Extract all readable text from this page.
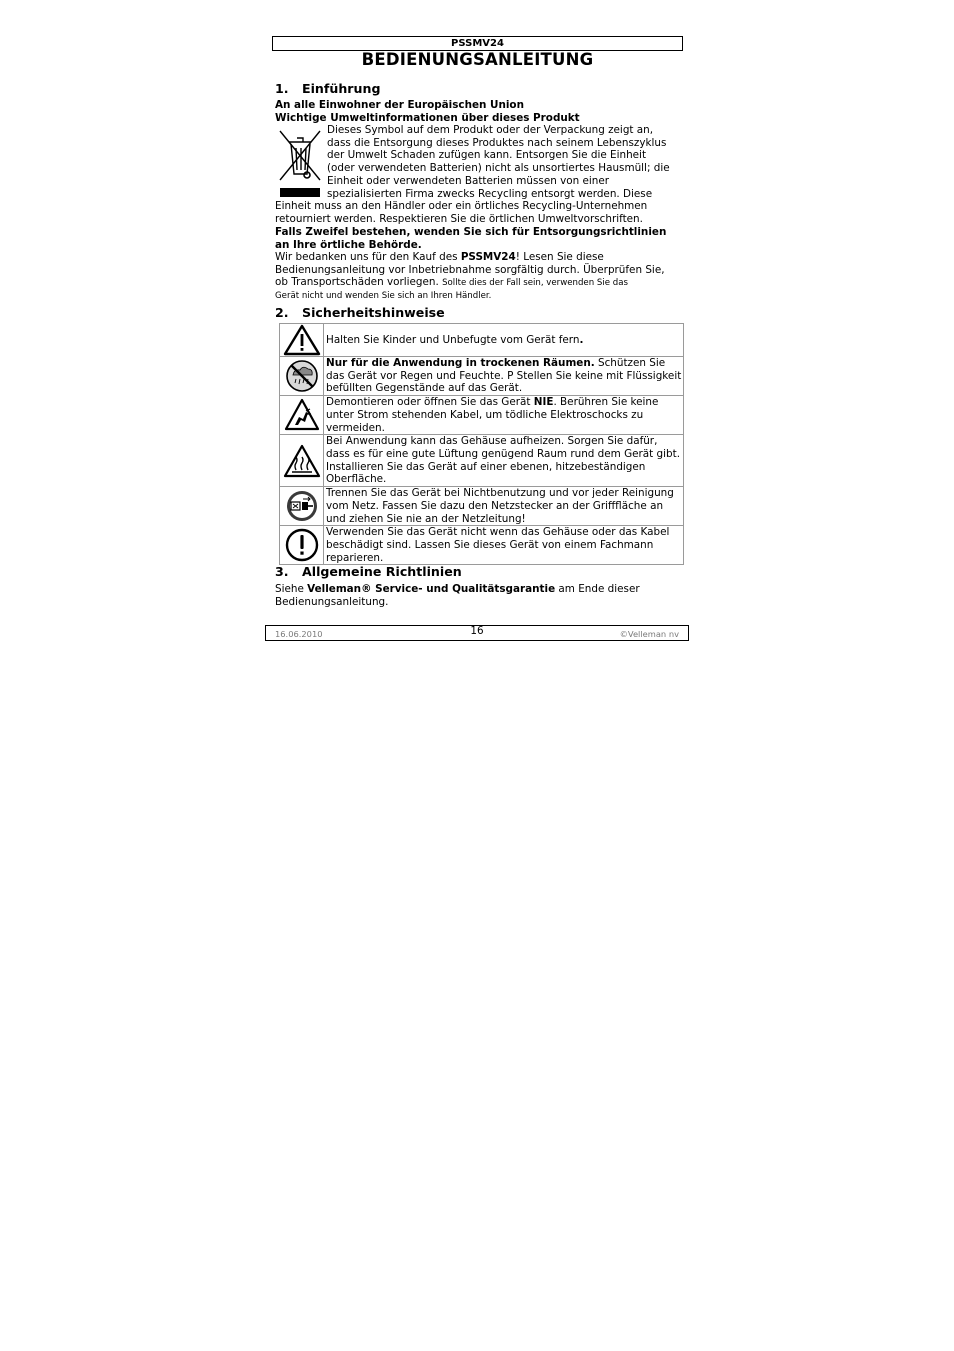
PSSMV24
BEDIENUNGSANLEITUNG
1. Einführung
An alle Einwohner der Europäischen Union
Wichtige Umweltinformationen über dieses Produkt
Dieses Symbol auf dem Produkt oder der Verpackung zeigt an,
dass die Entsorgung dieses Produktes nach seinem Lebenszyklus
der Umwelt Schaden zufügen kann. Entsorgen Sie die Einheit
(oder verwendeten Batterien) nicht als unsortiertes Hausmüll; die
Einheit oder verwendeten Batterien müssen von einer
spezialisierten Firma zwecks Recycling entsorgt werden. Diese
Einheit muss an den Händler oder ein örtliches Recycling-Unternehmen
retourniert werden. Respektieren Sie die örtlichen Umweltvorschriften.
Falls Zweifel bestehen, wenden Sie sich für Entsorgungsrichtlinien
an Ihre örtliche Behörde.
Wir bedanken uns für den Kauf des PSSMV24! Lesen Sie diese
Bedienungsanleitung vor Inbetriebnahme sorgfältig durch. Überprüfen Sie,
ob Transportschäden vorliegen. Sollte dies der Fall sein, verwenden Sie das
Gerät nicht und wenden Sie sich an Ihren Händler.
2. Sicherheitshinweise
	Halten Sie Kinder und Unbefugte vom Gerät fern.

	Nur für die Anwendung in trockenen Räumen. Schützen Sie das Gerät vor Regen und Feuchte. P Stellen Sie keine mit Flüssigkeit befüllten Gegenstände auf das Gerät.

	Demontieren oder öffnen Sie das Gerät NIE. Berühren Sie keine unter Strom stehenden Kabel, um tödliche Elektroschocks zu vermeiden.

	Bei Anwendung kann das Gehäuse aufheizen. Sorgen Sie dafür, dass es für eine gute Lüftung genügend Raum rund dem Gerät gibt. Installieren Sie das Gerät auf einer ebenen, hitzebeständigen Oberfläche.

	Trennen Sie das Gerät bei Nichtbenutzung und vor jeder Reinigung vom Netz. Fassen Sie dazu den Netzstecker an der Grifffläche an und ziehen Sie nie an der Netzleitung!

	Verwenden Sie das Gerät nicht wenn das Gehäuse oder das Kabel beschädigt sind. Lassen Sie dieses Gerät von einem Fachmann reparieren.
3. Allgemeine Richtlinien
Siehe Velleman® Service- und Qualitätsgarantie am Ende dieser
Bedienungsanleitung.
16.06.2010	16	©Velleman nv
